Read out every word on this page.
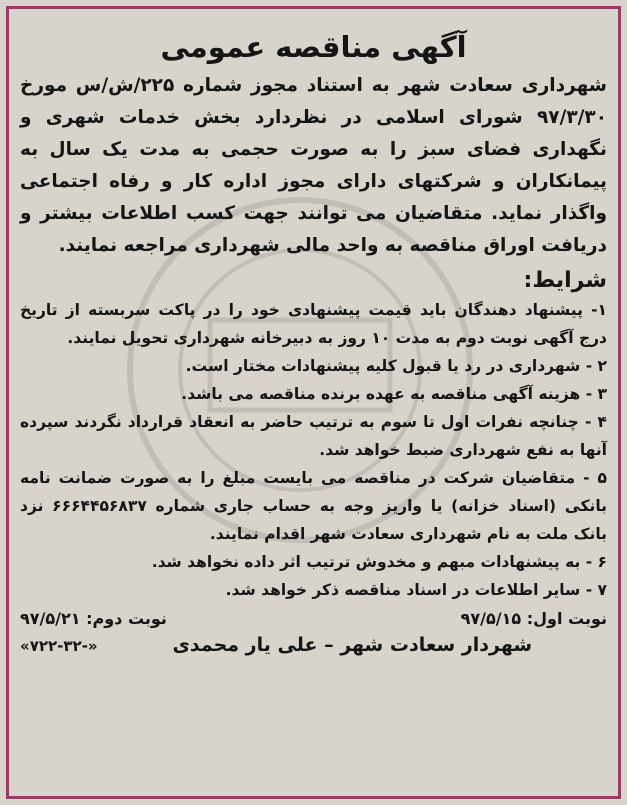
آگهی مناقصه عمومی

شهرداری سعادت شهر به استناد مجوز شماره ۲۲۵/ش/س مورخ ۹۷/۳/۳۰ شورای اسلامی در نظردارد بخش خدمات شهری و نگهداری فضای سبز را به صورت حجمی به مدت یک سال به پیمانکاران و شرکتهای دارای مجوز اداره کار و رفاه اجتماعی واگذار نماید. متقاضیان می توانند جهت کسب اطلاعات بیشتر و دریافت اوراق مناقصه به واحد مالی شهرداری مراجعه نمایند.

شرایط:
۱- پیشنهاد دهندگان باید قیمت پیشنهادی خود را در پاکت سربسته از تاریخ درج آگهی نوبت دوم به مدت ۱۰ روز به دبیرخانه شهرداری تحویل نمایند.
۲ - شهرداری در رد یا قبول کلیه پیشنهادات مختار است.
۳ - هزینه آگهی مناقصه به عهده برنده مناقصه می باشد.
۴ - چنانچه نفرات اول تا سوم به ترتیب حاضر به انعقاد قرارداد نگردند سپرده آنها به نفع شهرداری ضبط خواهد شد.
۵ - متقاضیان شرکت در مناقصه می بایست مبلغ را به صورت ضمانت نامه بانکی (اسناد خزانه) یا واریز وجه به حساب جاری شماره ۶۶۶۴۴۵۶۸۳۷ نزد بانک ملت به نام شهرداری سعادت شهر اقدام نمایند.
۶ - به پیشنهادات مبهم و مخدوش ترتیب اثر داده نخواهد شد.
۷ - سایر اطلاعات در اسناد مناقصه ذکر خواهد شد.
نوبت اول: ۹۷/۵/۱۵
نوبت دوم: ۹۷/۵/۲۱
شهردار سعادت شهر – علی یار محمدی
«۷۲۲-۳۲-»
